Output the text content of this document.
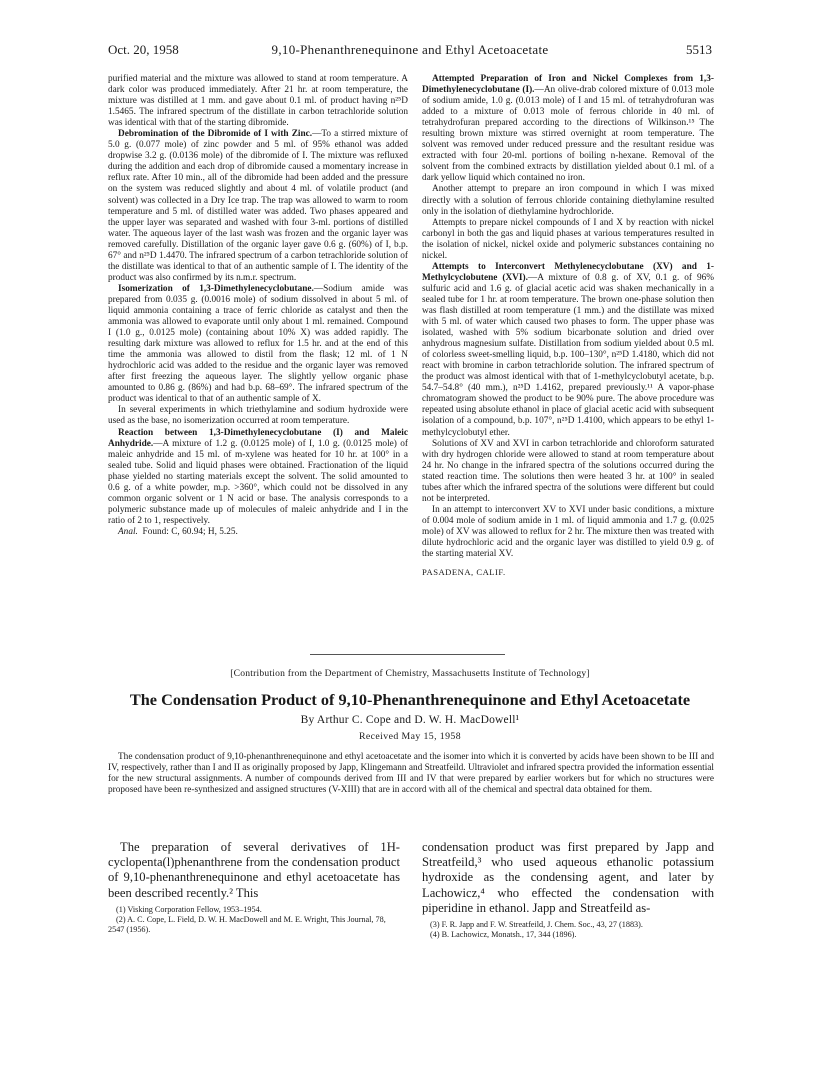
Oct. 20, 1958	9,10-Phenanthrenequinone and Ethyl Acetoacetate	5513

purified material and the mixture was allowed to stand at room temperature. A dark color was produced immediately. After 21 hr. at room temperature, the mixture was distilled at 1 mm. and gave about 0.1 ml. of product having n²⁵D 1.5465. The infrared spectrum of the distillate in carbon tetrachloride solution was identical with that of the starting dibromide.

Debromination of the Dibromide of I with Zinc.—To a stirred mixture of 5.0 g. (0.077 mole) of zinc powder and 5 ml. of 95% ethanol was added dropwise 3.2 g. (0.0136 mole) of the dibromide of I. The mixture was refluxed during the addition and each drop of dibromide caused a momentary increase in reflux rate. After 10 min., all of the dibromide had been added and the pressure on the system was reduced slightly and about 4 ml. of volatile product (and solvent) was collected in a Dry Ice trap. The trap was allowed to warm to room temperature and 5 ml. of distilled water was added. Two phases appeared and the upper layer was separated and washed with four 3-ml. portions of distilled water. The aqueous layer of the last wash was frozen and the organic layer was removed carefully. Distillation of the organic layer gave 0.6 g. (60%) of I, b.p. 67° and n²⁵D 1.4470. The infrared spectrum of a carbon tetrachloride solution of the distillate was identical to that of an authentic sample of I. The identity of the product was also confirmed by its n.m.r. spectrum.

Isomerization of 1,3-Dimethylenecyclobutane.—Sodium amide was prepared from 0.035 g. (0.0016 mole) of sodium dissolved in about 5 ml. of liquid ammonia containing a trace of ferric chloride as catalyst and then the ammonia was allowed to evaporate until only about 1 ml. remained. Compound I (1.0 g., 0.0125 mole) (containing about 10% X) was added rapidly. The resulting dark mixture was allowed to reflux for 1.5 hr. and at the end of this time the ammonia was allowed to distil from the flask; 12 ml. of 1 N hydrochloric acid was added to the residue and the organic layer was removed after first freezing the aqueous layer. The slightly yellow organic phase amounted to 0.86 g. (86%) and had b.p. 68–69°. The infrared spectrum of the product was identical to that of an authentic sample of X.

In several experiments in which triethylamine and sodium hydroxide were used as the base, no isomerization occurred at room temperature.

Reaction between 1,3-Dimethylenecyclobutane (I) and Maleic Anhydride.—A mixture of 1.2 g. (0.0125 mole) of I, 1.0 g. (0.0125 mole) of maleic anhydride and 15 ml. of m-xylene was heated for 10 hr. at 100° in a sealed tube. Solid and liquid phases were obtained. Fractionation of the liquid phase yielded no starting materials except the solvent. The solid amounted to 0.6 g. of a white powder, m.p. >360°, which could not be dissolved in any common organic solvent or 1 N acid or base. The analysis corresponds to a polymeric substance made up of molecules of maleic anhydride and I in the ratio of 2 to 1, respectively.

Anal. Found: C, 60.94; H, 5.25.

Attempted Preparation of Iron and Nickel Complexes from 1,3-Dimethylenecyclobutane (I).—An olive-drab colored mixture of 0.013 mole of sodium amide, 1.0 g. (0.013 mole) of I and 15 ml. of tetrahydrofuran was added to a mixture of 0.013 mole of ferrous chloride in 40 ml. of tetrahydrofuran prepared according to the directions of Wilkinson.¹⁵ The resulting brown mixture was stirred overnight at room temperature. The solvent was removed under reduced pressure and the resultant residue was extracted with four 20-ml. portions of boiling n-hexane. Removal of the solvent from the combined extracts by distillation yielded about 0.1 ml. of a dark yellow liquid which contained no iron.

Another attempt to prepare an iron compound in which I was mixed directly with a solution of ferrous chloride containing diethylamine resulted only in the isolation of diethylamine hydrochloride.

Attempts to prepare nickel compounds of I and X by reaction with nickel carbonyl in both the gas and liquid phases at various temperatures resulted in the isolation of nickel, nickel oxide and polymeric substances containing no nickel.

Attempts to Interconvert Methylenecyclobutane (XV) and 1-Methylcyclobutene (XVI).—A mixture of 0.8 g. of XV, 0.1 g. of 96% sulfuric acid and 1.6 g. of glacial acetic acid was shaken mechanically in a sealed tube for 1 hr. at room temperature. The brown one-phase solution then was flash distilled at room temperature (1 mm.) and the distillate was mixed with 5 ml. of water which caused two phases to form. The upper phase was isolated, washed with 5% sodium bicarbonate solution and dried over anhydrous magnesium sulfate. Distillation from sodium yielded about 0.5 ml. of colorless sweet-smelling liquid, b.p. 100–130°, n²⁵D 1.4180, which did not react with bromine in carbon tetrachloride solution. The infrared spectrum of the product was almost identical with that of 1-methylcyclobutyl acetate, b.p. 54.7–54.8° (40 mm.), n²⁵D 1.4162, prepared previously.¹¹ A vapor-phase chromatogram showed the product to be 90% pure. The above procedure was repeated using absolute ethanol in place of glacial acetic acid with subsequent isolation of a compound, b.p. 107°, n²⁵D 1.4100, which appears to be ethyl 1-methylcyclobutyl ether.

Solutions of XV and XVI in carbon tetrachloride and chloroform saturated with dry hydrogen chloride were allowed to stand at room temperature about 24 hr. No change in the infrared spectra of the solutions occurred during the stated reaction time. The solutions then were heated 3 hr. at 100° in sealed tubes after which the infrared spectra of the solutions were different but could not be interpreted.

In an attempt to interconvert XV to XVI under basic conditions, a mixture of 0.004 mole of sodium amide in 1 ml. of liquid ammonia and 1.7 g. (0.025 mole) of XV was allowed to reflux for 2 hr. The mixture then was treated with dilute hydrochloric acid and the organic layer was distilled to yield 0.9 g. of the starting material XV.

PASADENA, CALIF.

[Contribution from the Department of Chemistry, Massachusetts Institute of Technology]
The Condensation Product of 9,10-Phenanthrenequinone and Ethyl Acetoacetate
By Arthur C. Cope and D. W. H. MacDowell¹
Received May 15, 1958

The condensation product of 9,10-phenanthrenequinone and ethyl acetoacetate and the isomer into which it is converted by acids have been shown to be III and IV, respectively, rather than I and II as originally proposed by Japp, Klingemann and Streatfeild. Ultraviolet and infrared spectra provided the information essential for the new structural assignments. A number of compounds derived from III and IV that were prepared by earlier workers but for which no structures were proposed have been re-synthesized and assigned structures (V-XIII) that are in accord with all of the chemical and spectral data obtained for them.

The preparation of several derivatives of 1H-cyclopenta(l)phenanthrene from the condensation product of 9,10-phenanthrenequinone and ethyl acetoacetate has been described recently.² This

(1) Visking Corporation Fellow, 1953–1954.
(2) A. C. Cope, L. Field, D. W. H. MacDowell and M. E. Wright, This Journal, 78, 2547 (1956).

condensation product was first prepared by Japp and Streatfeild,³ who used aqueous ethanolic potassium hydroxide as the condensing agent, and later by Lachowicz,⁴ who effected the condensation with piperidine in ethanol. Japp and Streatfeild as-

(3) F. R. Japp and F. W. Streatfeild, J. Chem. Soc., 43, 27 (1883).
(4) B. Lachowicz, Monatsh., 17, 344 (1896).
